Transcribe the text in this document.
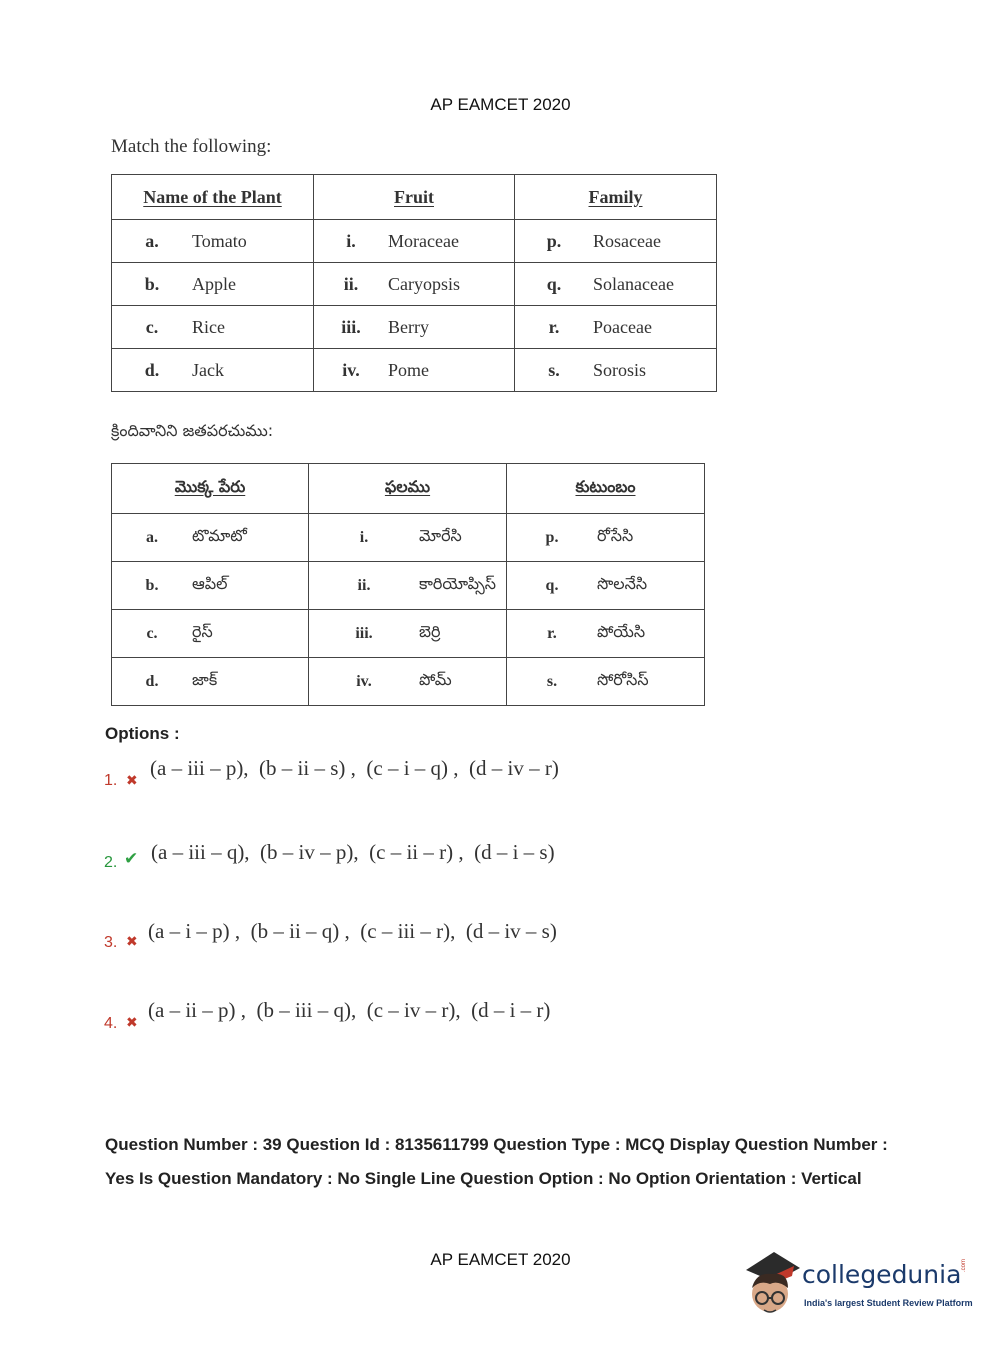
AP EAMCET 2020
Match the following:
Name of the Plant	Fruit	Family

a. Tomato	i. Moraceae	p. Rosaceae

b. Apple	ii. Caryopsis	q. Solanaceae

c. Rice	iii. Berry	r. Poaceae

d. Jack	iv. Pome	s. Sorosis
క్రిందివానిని జతపరచుము:
మొక్క పేరు	ఫలము	కుటుంబం

a. టొమాటో	i. మోరేసి	p. రోసేసి

b. ఆపిల్	ii. కారియోప్సిస్	q. సొలనేసి

c. రైస్	iii. బెర్రి	r. పోయేసి

d. జాక్	iv. పోమ్	s. సోరోసిస్
Options :
1. ✖ (a – iii – p),  (b – ii – s) ,  (c – i – q) ,  (d – iv – r)
2. ✔ (a – iii – q),  (b – iv – p),  (c – ii – r) ,  (d – i – s)
3. ✖ (a – i – p) ,  (b – ii – q) ,  (c – iii – r),  (d – iv – s)
4. ✖ (a – ii – p) ,  (b – iii – q),  (c – iv – r),  (d – i – r)
Question Number : 39 Question Id : 8135611799 Question Type : MCQ Display Question Number : Yes Is Question Mandatory : No Single Line Question Option : No Option Orientation : Vertical
AP EAMCET 2020
collegedunia .com
India's largest Student Review Platform
